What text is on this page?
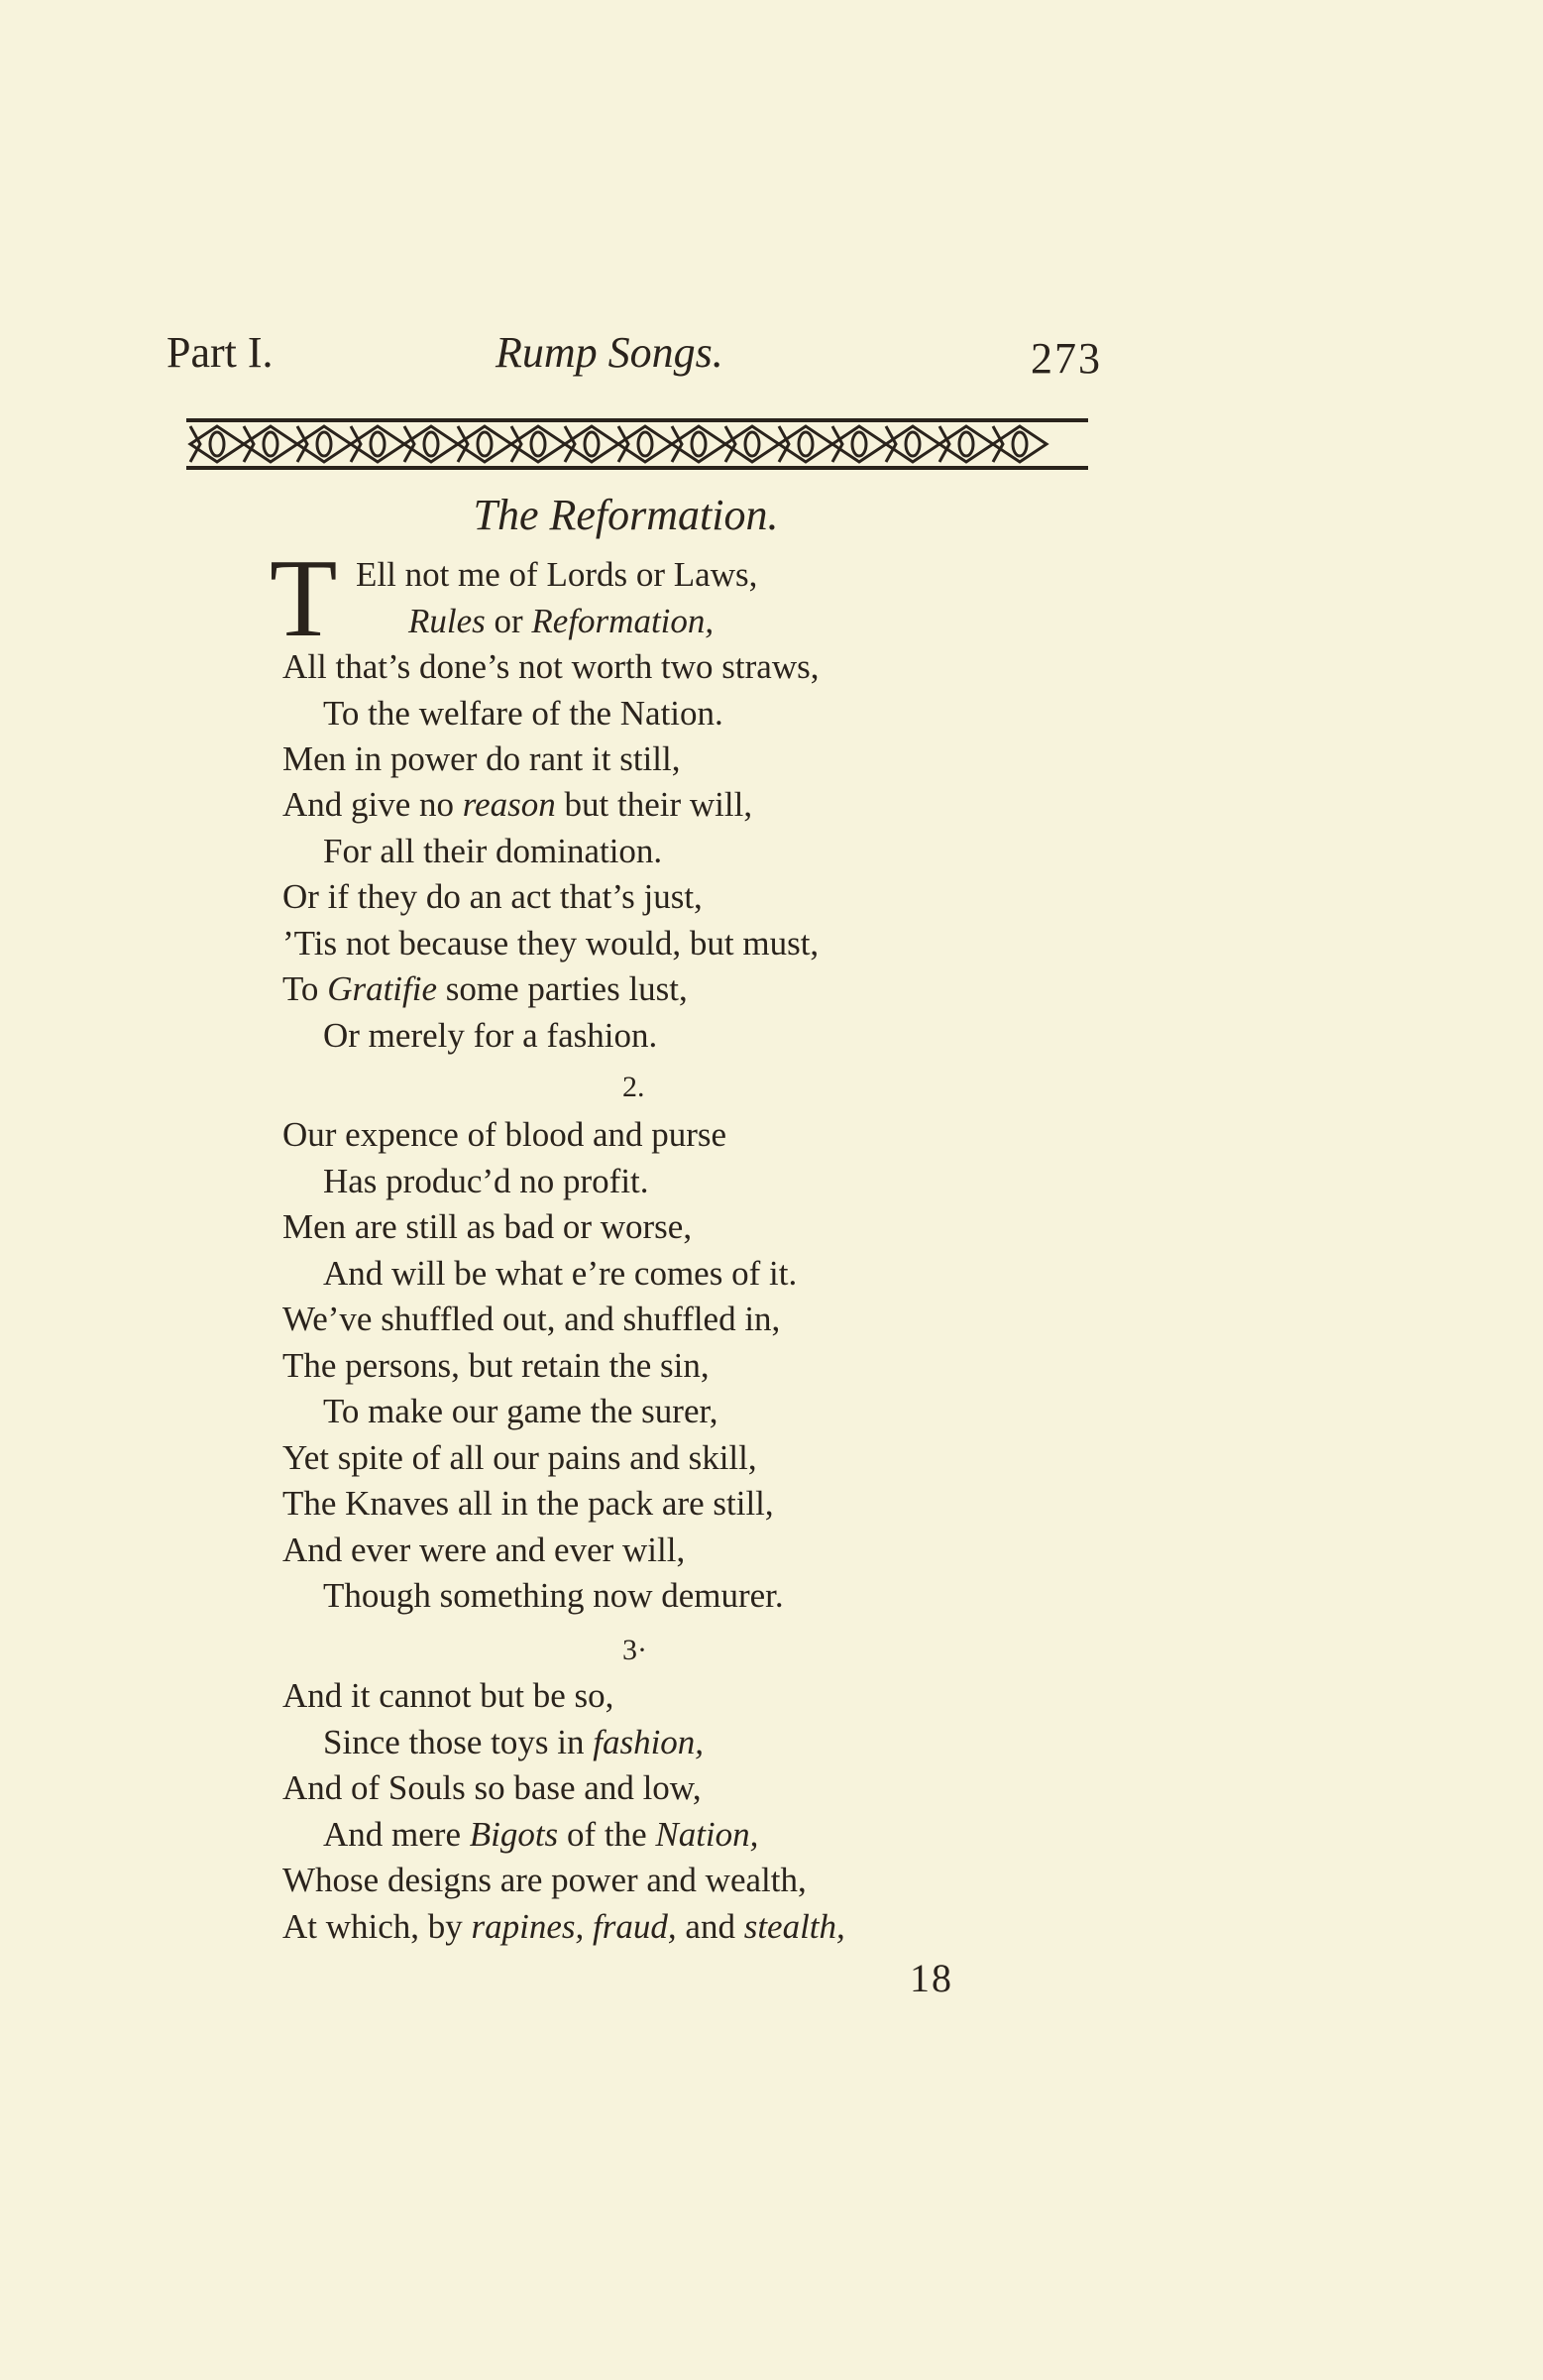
Part I.	Rump Songs.	273
The Reformation.
T Ell not me of Lords or Laws,
Rules or Reformation,
All that’s done’s not worth two straws,
To the welfare of the Nation.
Men in power do rant it still,
And give no reason but their will,
For all their domination.
Or if they do an act that’s just,
’Tis not because they would, but must,
To Gratifie some parties lust,
Or merely for a fashion.
2.
Our expence of blood and purse
Has produc’d no profit.
Men are still as bad or worse,
And will be what e’re comes of it.
We’ve shuffled out, and shuffled in,
The persons, but retain the sin,
To make our game the surer,
Yet spite of all our pains and skill,
The Knaves all in the pack are still,
And ever were and ever will,
Though something now demurer.
3·
And it cannot but be so,
Since those toys in fashion,
And of Souls so base and low,
And mere Bigots of the Nation,
Whose designs are power and wealth,
At which, by rapines, fraud, and stealth,
18
